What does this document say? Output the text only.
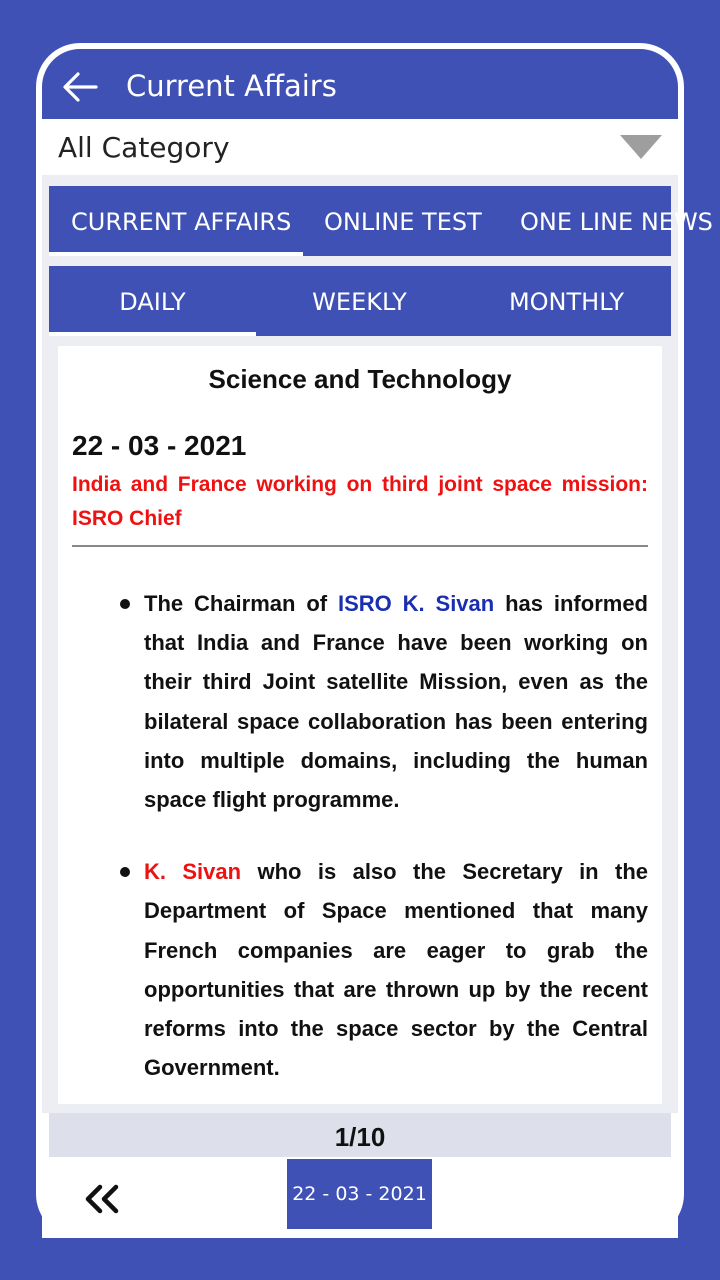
Current Affairs
All Category
CURRENT AFFAIRS ONLINE TEST ONE LINE NEWS
DAILY	WEEKLY	MONTHLY
Science and Technology
22 - 03 - 2021
India and France working on third joint space mission: ISRO Chief
The Chairman of ISRO K. Sivan has informed that India and France have been working on their third Joint satellite Mission, even as the bilateral space collaboration has been entering into multiple domains, including the human space flight programme.
K. Sivan who is also the Secretary in the Department of Space mentioned that many French companies are eager to grab the opportunities that are thrown up by the recent reforms into the space sector by the Central Government.
1/10
22 - 03 - 2021
